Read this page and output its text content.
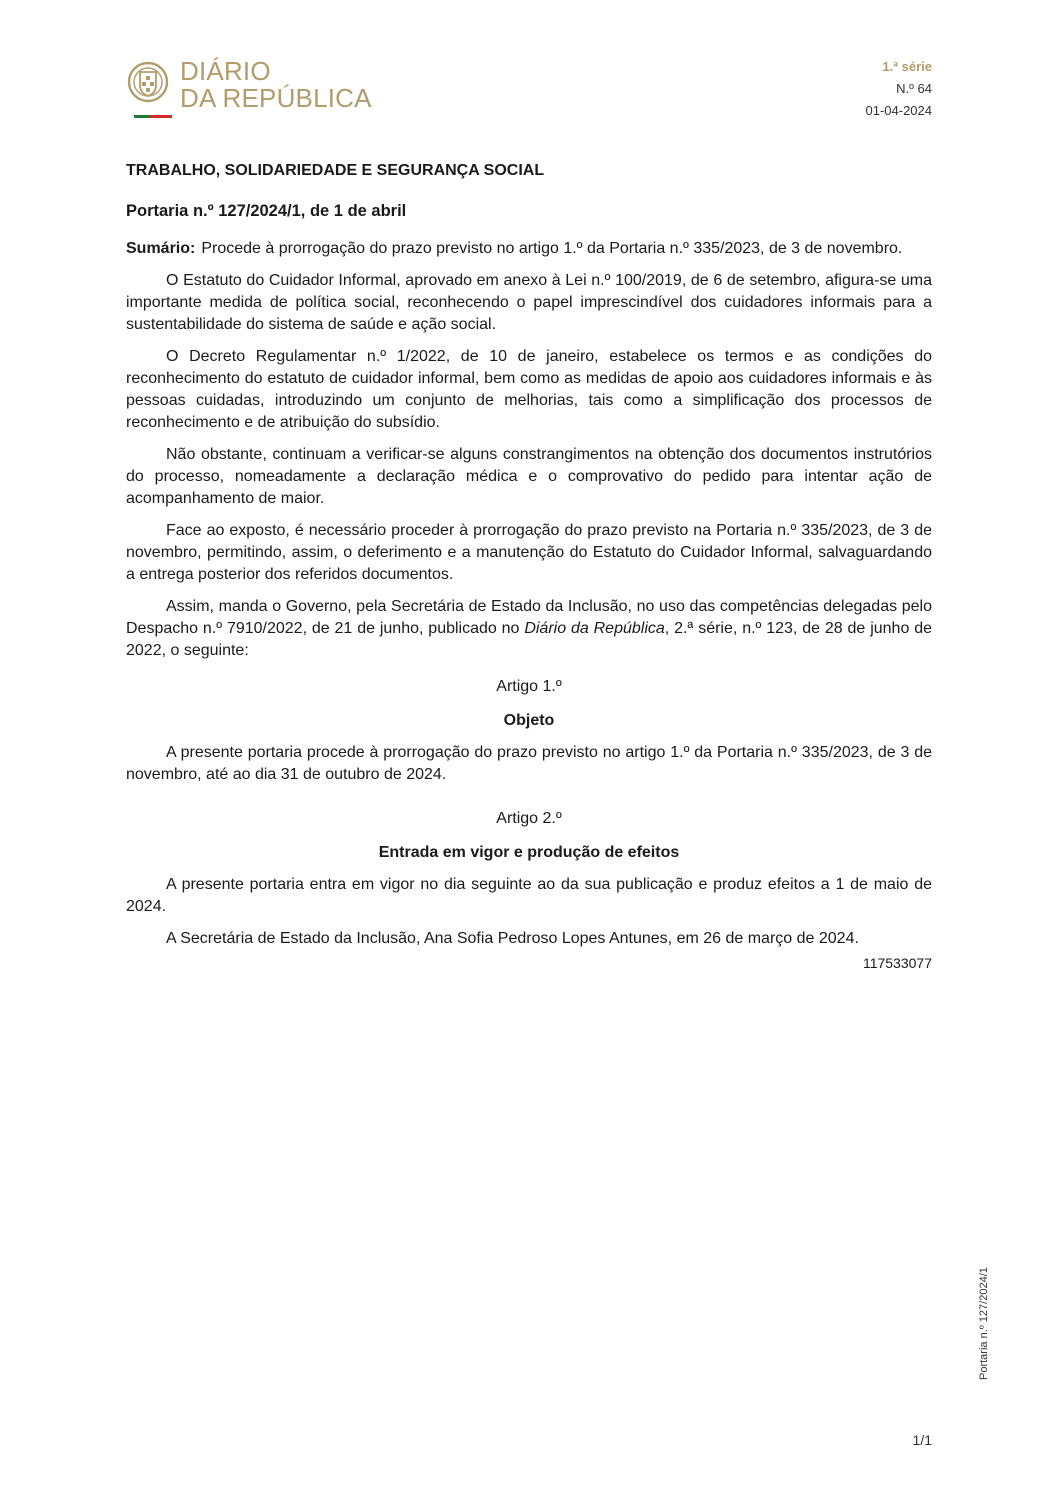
DIÁRIO
DA REPÚBLICA
1.ª série
N.º 64
01-04-2024

TRABALHO, SOLIDARIEDADE E SEGURANÇA SOCIAL

Portaria n.º 127/2024/1, de 1 de abril

Sumário: Procede à prorrogação do prazo previsto no artigo 1.º da Portaria n.º 335/2023, de 3 de novembro.

O Estatuto do Cuidador Informal, aprovado em anexo à Lei n.º 100/2019, de 6 de setembro, afigura-se uma importante medida de política social, reconhecendo o papel imprescindível dos cuidadores informais para a sustentabilidade do sistema de saúde e ação social.

O Decreto Regulamentar n.º 1/2022, de 10 de janeiro, estabelece os termos e as condições do reconhecimento do estatuto de cuidador informal, bem como as medidas de apoio aos cuidadores informais e às pessoas cuidadas, introduzindo um conjunto de melhorias, tais como a simplificação dos processos de reconhecimento e de atribuição do subsídio.

Não obstante, continuam a verificar-se alguns constrangimentos na obtenção dos documentos instrutórios do processo, nomeadamente a declaração médica e o comprovativo do pedido para intentar ação de acompanhamento de maior.

Face ao exposto, é necessário proceder à prorrogação do prazo previsto na Portaria n.º 335/2023, de 3 de novembro, permitindo, assim, o deferimento e a manutenção do Estatuto do Cuidador Informal, salvaguardando a entrega posterior dos referidos documentos.

Assim, manda o Governo, pela Secretária de Estado da Inclusão, no uso das competências delegadas pelo Despacho n.º 7910/2022, de 21 de junho, publicado no Diário da República, 2.ª série, n.º 123, de 28 de junho de 2022, o seguinte:

Artigo 1.º

Objeto

A presente portaria procede à prorrogação do prazo previsto no artigo 1.º da Portaria n.º 335/2023, de 3 de novembro, até ao dia 31 de outubro de 2024.

Artigo 2.º

Entrada em vigor e produção de efeitos

A presente portaria entra em vigor no dia seguinte ao da sua publicação e produz efeitos a 1 de maio de 2024.

A Secretária de Estado da Inclusão, Ana Sofia Pedroso Lopes Antunes, em 26 de março de 2024.

117533077

Portaria n.º 127/2024/1
1/1
